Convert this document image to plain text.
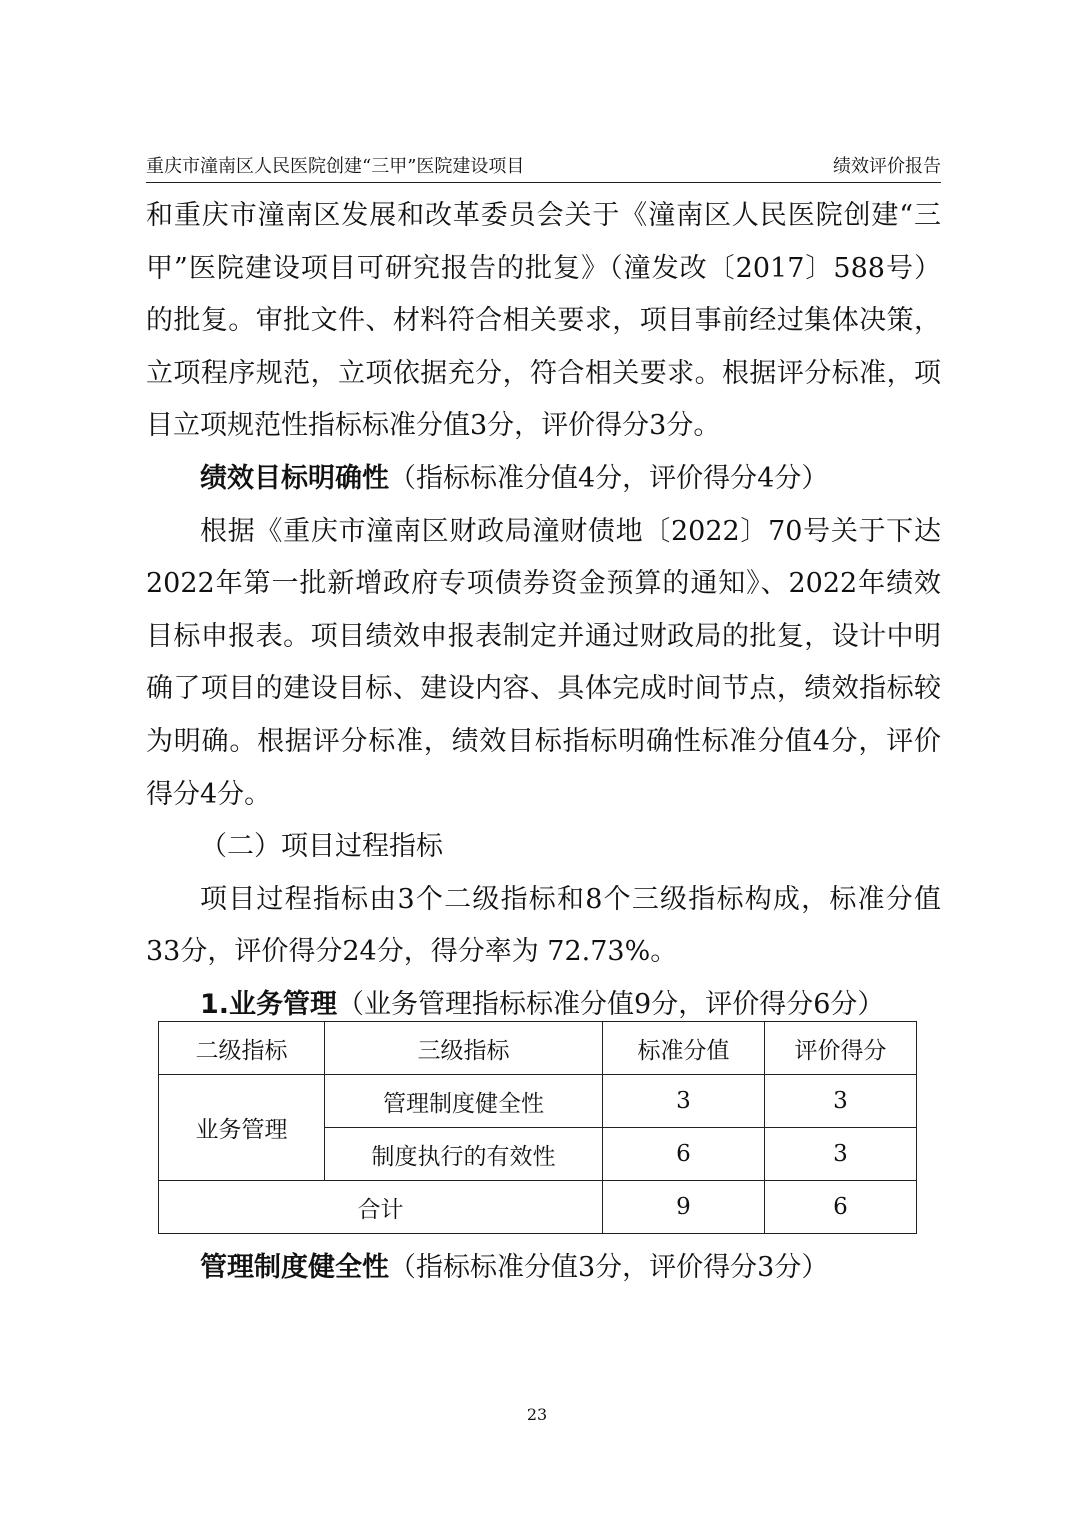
重庆市潼南区人民医院创建“三甲”医院建设项目	绩效评价报告

和重庆市潼南区发展和改革委员会关于《潼南区人民医院创建“三甲”医院建设项目可研究报告的批复》（潼发改〔2017〕588号）的批复。审批文件、材料符合相关要求，项目事前经过集体决策，立项程序规范，立项依据充分，符合相关要求。根据评分标准，项目立项规范性指标标准分值3分，评价得分3分。

绩效目标明确性（指标标准分值4分，评价得分4分）

根据《重庆市潼南区财政局潼财债地〔2022〕70号关于下达2022年第一批新增政府专项债券资金预算的通知》、2022年绩效目标申报表。项目绩效申报表制定并通过财政局的批复，设计中明确了项目的建设目标、建设内容、具体完成时间节点，绩效指标较为明确。根据评分标准，绩效目标指标明确性标准分值4分，评价得分4分。

（二）项目过程指标

项目过程指标由3个二级指标和8个三级指标构成，标准分值33分，评价得分24分，得分率为 72.73%。

1.业务管理（业务管理指标标准分值9分，评价得分6分）

二级指标	三级指标	标准分值	评价得分
业务管理	管理制度健全性	3	3
	制度执行的有效性	6	3
合计		9	6

管理制度健全性（指标标准分值3分，评价得分3分）

23
